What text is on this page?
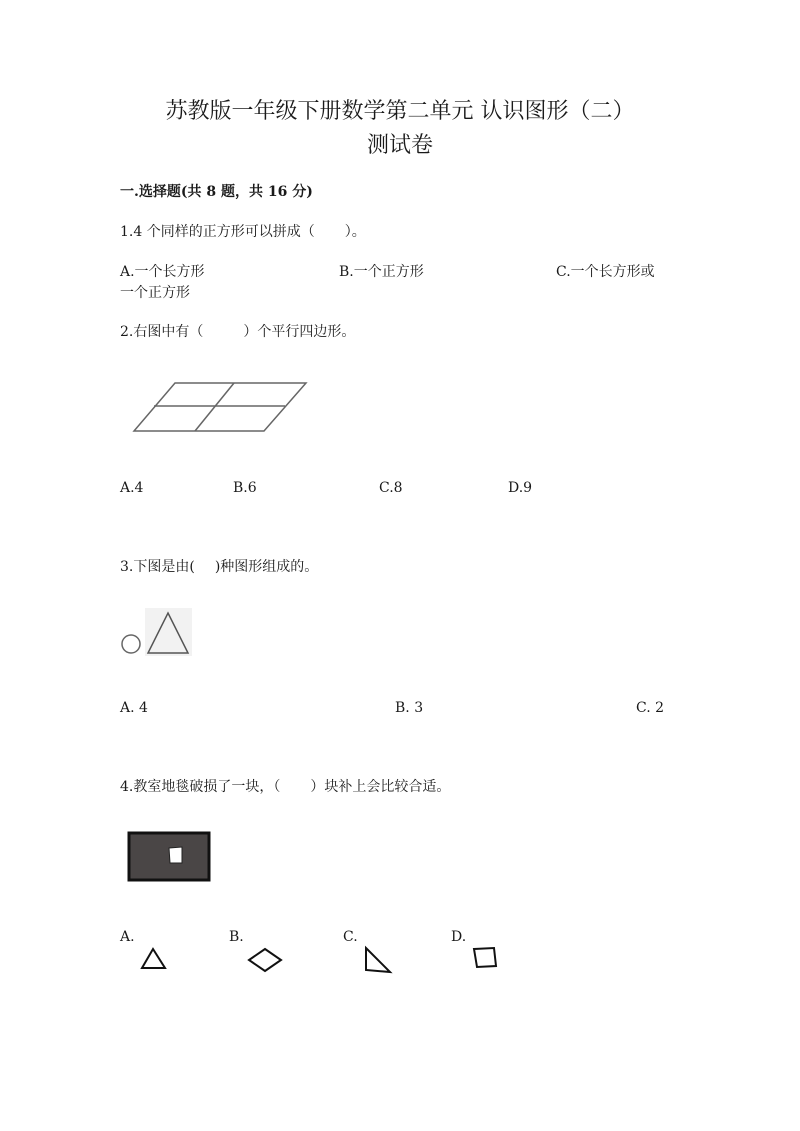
苏教版一年级下册数学第二单元 认识图形（二）
测试卷
一.选择题(共 8 题，共 16 分)
1.4 个同样的正方形可以拼成（ ）。
A.一个长方形	B.一个正方形	C.一个长方形或
一个正方形
2.右图中有（	）个平行四边形。
A.4	B.6	C.8	D.9
3.下图是由( )种图形组成的。
A. 4	B. 3	C. 2
4.教室地毯破损了一块，（ ）块补上会比较合适。
A.	B.	C.	D.
